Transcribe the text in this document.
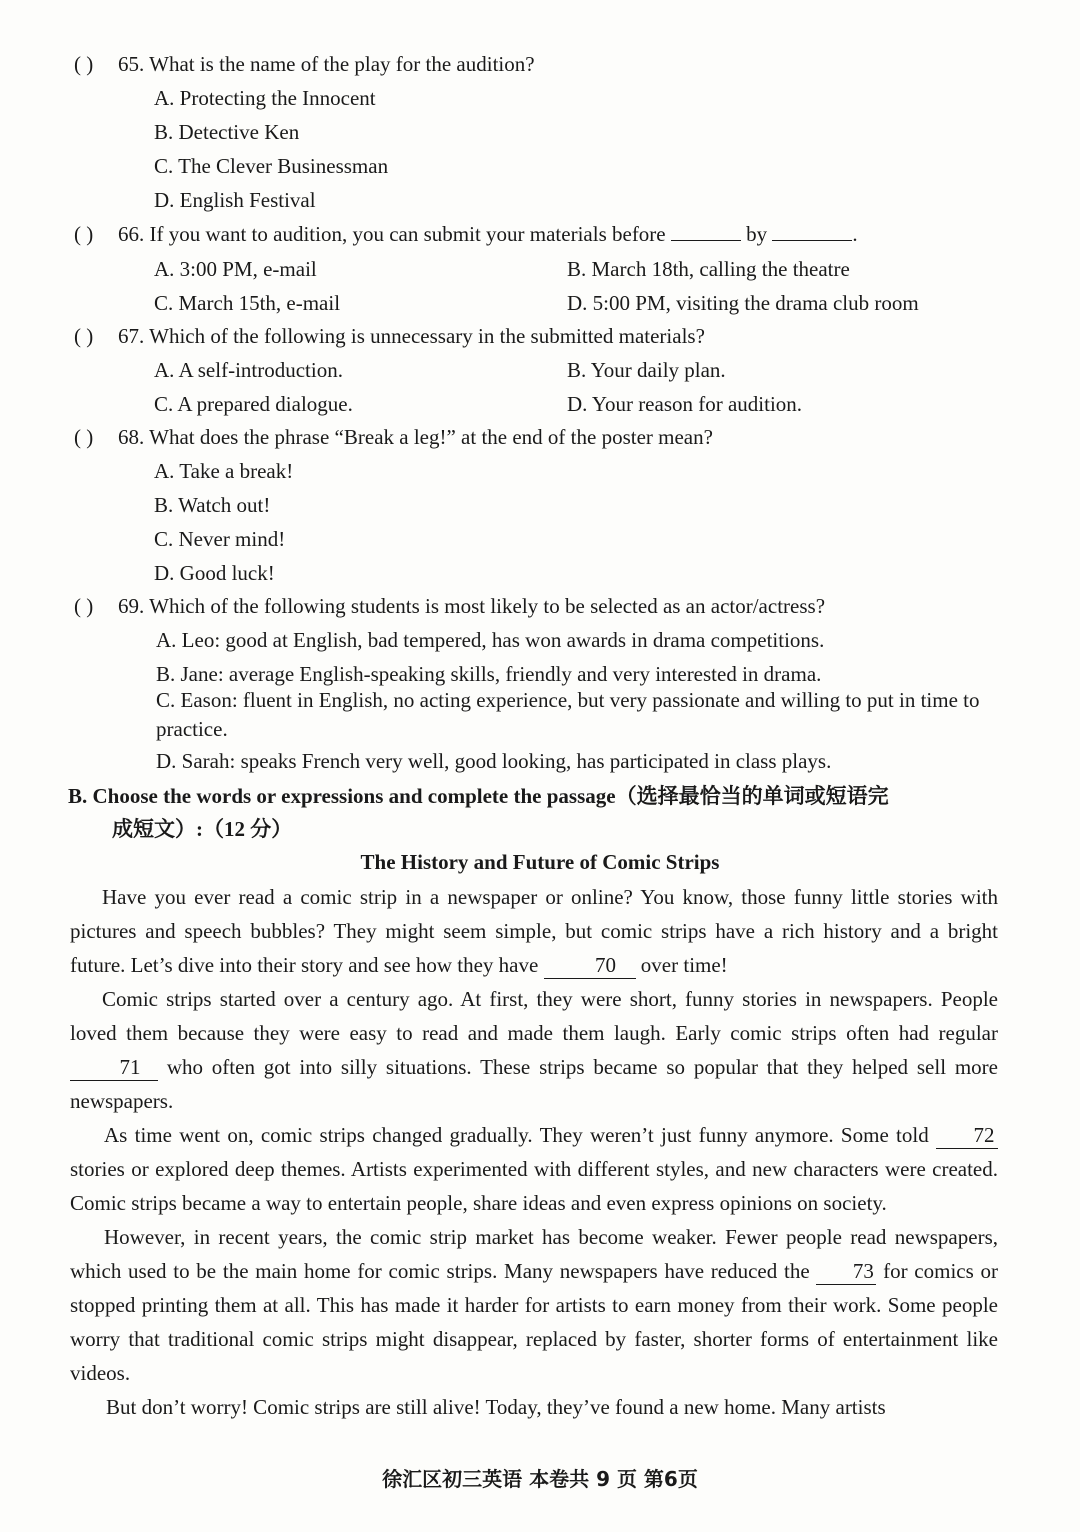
( )65. What is the name of the play for the audition?
A. Protecting the Innocent
B. Detective Ken
C. The Clever Businessman
D. English Festival
( )66. If you want to audition, you can submit your materials before	by	.
A. 3:00 PM, e-mail	B. March 18th, calling the theatre
C. March 15th, e-mail	D. 5:00 PM, visiting the drama club room
( )67. Which of the following is unnecessary in the submitted materials?
A. A self-introduction.	B. Your daily plan.
C. A prepared dialogue.	D. Your reason for audition.
( )68. What does the phrase “Break a leg!” at the end of the poster mean?
A. Take a break!
B. Watch out!
C. Never mind!
D. Good luck!
( )69. Which of the following students is most likely to be selected as an actor/actress?
A. Leo: good at English, bad tempered, has won awards in drama competitions.
B. Jane: average English-speaking skills, friendly and very interested in drama.
C. Eason: fluent in English, no acting experience, but very passionate and willing to put in time to practice.
D. Sarah: speaks French very well, good looking, has participated in class plays.
B. Choose the words or expressions and complete the passage（选择最恰当的单词或短语完
成短文）:（12 分）
The History and Future of Comic Strips

Have you ever read a comic strip in a newspaper or online? You know, those funny little stories with pictures and speech bubbles? They might seem simple, but comic strips have a rich history and a bright future. Let’s dive into their story and see how they have 70 over time!

Comic strips started over a century ago. At first, they were short, funny stories in newspapers. People loved them because they were easy to read and made them laugh. Early comic strips often had regular 71 who often got into silly situations. These strips became so popular that they helped sell more newspapers.

As time went on, comic strips changed gradually. They weren’t just funny anymore. Some told 72 stories or explored deep themes. Artists experimented with different styles, and new characters were created. Comic strips became a way to entertain people, share ideas and even express opinions on society.

However, in recent years, the comic strip market has become weaker. Fewer people read newspapers, which used to be the main home for comic strips. Many newspapers have reduced the 73 for comics or stopped printing them at all. This has made it harder for artists to earn money from their work. Some people worry that traditional comic strips might disappear, replaced by faster, shorter forms of entertainment like videos.

But don’t worry! Comic strips are still alive! Today, they’ve found a new home. Many artists

徐汇区初三英语 本卷共 9 页 第6页
